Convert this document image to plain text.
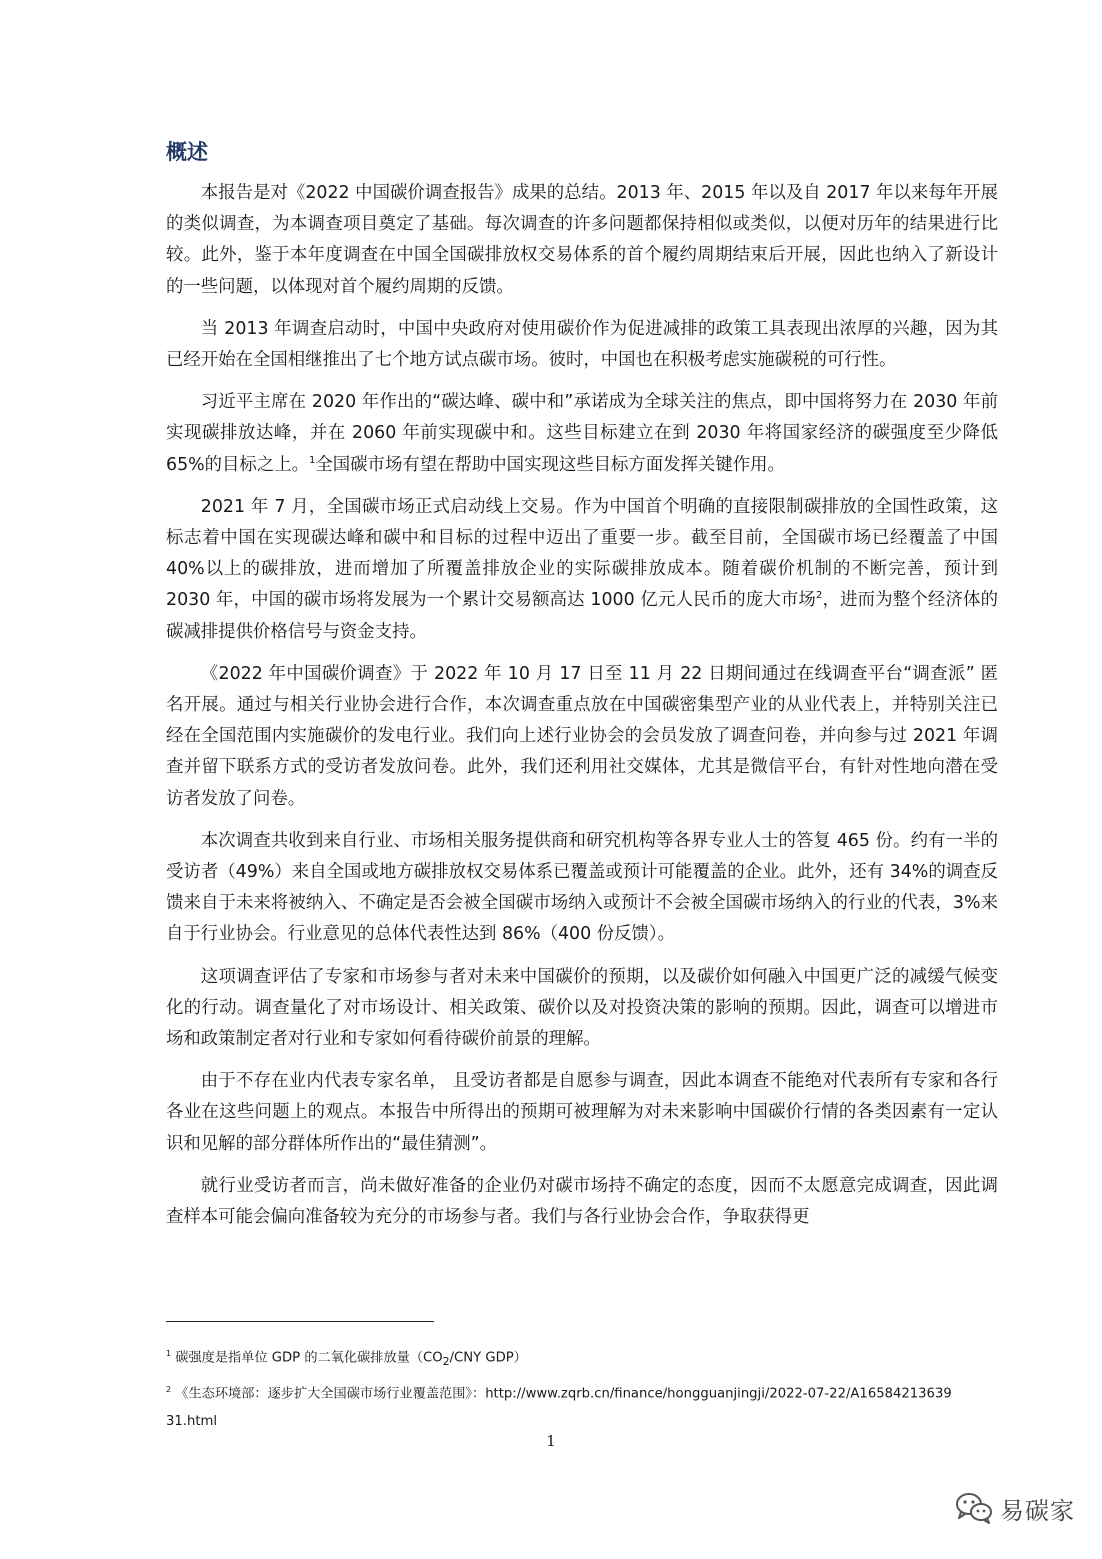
概述

本报告是对《2022 中国碳价调查报告》成果的总结。2013 年、2015 年以及自 2017 年以来每年开展的类似调查，为本调查项目奠定了基础。每次调查的许多问题都保持相似或类似，以便对历年的结果进行比较。此外，鉴于本年度调查在中国全国碳排放权交易体系的首个履约周期结束后开展，因此也纳入了新设计的一些问题，以体现对首个履约周期的反馈。

当 2013 年调查启动时，中国中央政府对使用碳价作为促进减排的政策工具表现出浓厚的兴趣，因为其已经开始在全国相继推出了七个地方试点碳市场。彼时，中国也在积极考虑实施碳税的可行性。

习近平主席在 2020 年作出的“碳达峰、碳中和”承诺成为全球关注的焦点，即中国将努力在 2030 年前实现碳排放达峰，并在 2060 年前实现碳中和。这些目标建立在到 2030 年将国家经济的碳强度至少降低 65%的目标之上。$^1$全国碳市场有望在帮助中国实现这些目标方面发挥关键作用。

2021 年 7 月，全国碳市场正式启动线上交易。作为中国首个明确的直接限制碳排放的全国性政策，这标志着中国在实现碳达峰和碳中和目标的过程中迈出了重要一步。截至目前，全国碳市场已经覆盖了中国 40%以上的碳排放，进而增加了所覆盖排放企业的实际碳排放成本。随着碳价机制的不断完善，预计到 2030 年，中国的碳市场将发展为一个累计交易额高达 1000 亿元人民币的庞大市场$^2$，进而为整个经济体的碳减排提供价格信号与资金支持。

《2022 年中国碳价调查》于 2022 年 10 月 17 日至 11 月 22 日期间通过在线调查平台“调查派” 匿名开展。通过与相关行业协会进行合作，本次调查重点放在中国碳密集型产业的从业代表上，并特别关注已经在全国范围内实施碳价的发电行业。我们向上述行业协会的会员发放了调查问卷，并向参与过 2021 年调查并留下联系方式的受访者发放问卷。此外，我们还利用社交媒体，尤其是微信平台，有针对性地向潜在受访者发放了问卷。

本次调查共收到来自行业、市场相关服务提供商和研究机构等各界专业人士的答复 465 份。约有一半的受访者（49%）来自全国或地方碳排放权交易体系已覆盖或预计可能覆盖的企业。此外，还有 34%的调查反馈来自于未来将被纳入、不确定是否会被全国碳市场纳入或预计不会被全国碳市场纳入的行业的代表，3%来自于行业协会。行业意见的总体代表性达到 86%（400 份反馈）。

这项调查评估了专家和市场参与者对未来中国碳价的预期，以及碳价如何融入中国更广泛的减缓气候变化的行动。调查量化了对市场设计、相关政策、碳价以及对投资决策的影响的预期。因此，调查可以增进市场和政策制定者对行业和专家如何看待碳价前景的理解。

由于不存在业内代表专家名单， 且受访者都是自愿参与调查，因此本调查不能绝对代表所有专家和各行各业在这些问题上的观点。本报告中所得出的预期可被理解为对未来影响中国碳价行情的各类因素有一定认识和见解的部分群体所作出的“最佳猜测”。

就行业受访者而言，尚未做好准备的企业仍对碳市场持不确定的态度，因而不太愿意完成调查，因此调查样本可能会偏向准备较为充分的市场参与者。我们与各行业协会合作，争取获得更

$^1$ 碳强度是指单位 GDP 的二氧化碳排放量（$CO_2$/CNY GDP）

$^2$ 《生态环境部：逐步扩大全国碳市场行业覆盖范围》：http://www.zqrb.cn/finance/hongguanjingji/2022-07-22/A1658421363931.html

1
易碳家
